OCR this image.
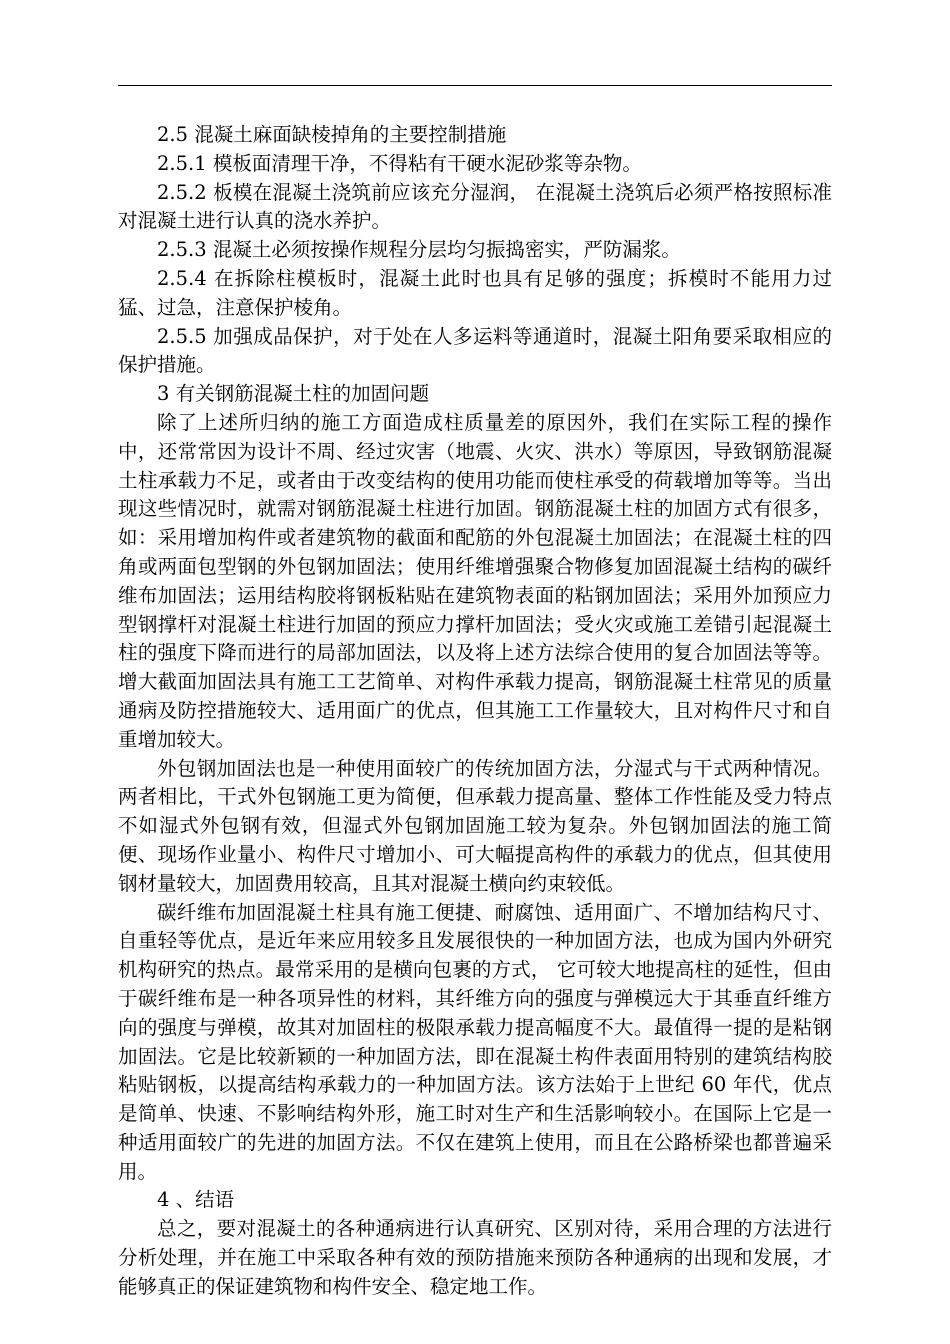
2.5 混凝土麻面缺棱掉角的主要控制措施

2.5.1 模板面清理干净，不得粘有干硬水泥砂浆等杂物。

2.5.2 板模在混凝土浇筑前应该充分湿润， 在混凝土浇筑后必须严格按照标准对混凝土进行认真的浇水养护。

2.5.3 混凝土必须按操作规程分层均匀振捣密实，严防漏浆。

2.5.4 在拆除柱模板时，混凝土此时也具有足够的强度；拆模时不能用力过猛、过急，注意保护棱角。

2.5.5 加强成品保护，对于处在人多运料等通道时，混凝土阳角要采取相应的保护措施。

3 有关钢筋混凝土柱的加固问题

除了上述所归纳的施工方面造成柱质量差的原因外，我们在实际工程的操作中，还常常因为设计不周、经过灾害（地震、火灾、洪水）等原因，导致钢筋混凝土柱承载力不足，或者由于改变结构的使用功能而使柱承受的荷载增加等等。当出现这些情况时，就需对钢筋混凝土柱进行加固。钢筋混凝土柱的加固方式有很多，如：采用增加构件或者建筑物的截面和配筋的外包混凝土加固法；在混凝土柱的四角或两面包型钢的外包钢加固法；使用纤维增强聚合物修复加固混凝土结构的碳纤维布加固法；运用结构胶将钢板粘贴在建筑物表面的粘钢加固法；采用外加预应力型钢撑杆对混凝土柱进行加固的预应力撑杆加固法；受火灾或施工差错引起混凝土柱的强度下降而进行的局部加固法，以及将上述方法综合使用的复合加固法等等。增大截面加固法具有施工工艺简单、对构件承载力提高，钢筋混凝土柱常见的质量通病及防控措施较大、适用面广的优点，但其施工工作量较大，且对构件尺寸和自重增加较大。

外包钢加固法也是一种使用面较广的传统加固方法，分湿式与干式两种情况。两者相比，干式外包钢施工更为简便，但承载力提高量、整体工作性能及受力特点不如湿式外包钢有效，但湿式外包钢加固施工较为复杂。外包钢加固法的施工简便、现场作业量小、构件尺寸增加小、可大幅提高构件的承载力的优点，但其使用钢材量较大，加固费用较高，且其对混凝土横向约束较低。

碳纤维布加固混凝土柱具有施工便捷、耐腐蚀、适用面广、不增加结构尺寸、自重轻等优点，是近年来应用较多且发展很快的一种加固方法，也成为国内外研究机构研究的热点。最常采用的是横向包裹的方式， 它可较大地提高柱的延性，但由于碳纤维布是一种各项异性的材料，其纤维方向的强度与弹模远大于其垂直纤维方向的强度与弹模，故其对加固柱的极限承载力提高幅度不大。最值得一提的是粘钢加固法。它是比较新颖的一种加固方法，即在混凝土构件表面用特别的建筑结构胶粘贴钢板，以提高结构承载力的一种加固方法。该方法始于上世纪 60 年代，优点是简单、快速、不影响结构外形，施工时对生产和生活影响较小。在国际上它是一种适用面较广的先进的加固方法。不仅在建筑上使用，而且在公路桥梁也都普遍采用。

4 、结语

总之，要对混凝土的各种通病进行认真研究、区别对待，采用合理的方法进行分析处理，并在施工中采取各种有效的预防措施来预防各种通病的出现和发展，才能够真正的保证建筑物和构件安全、稳定地工作。
